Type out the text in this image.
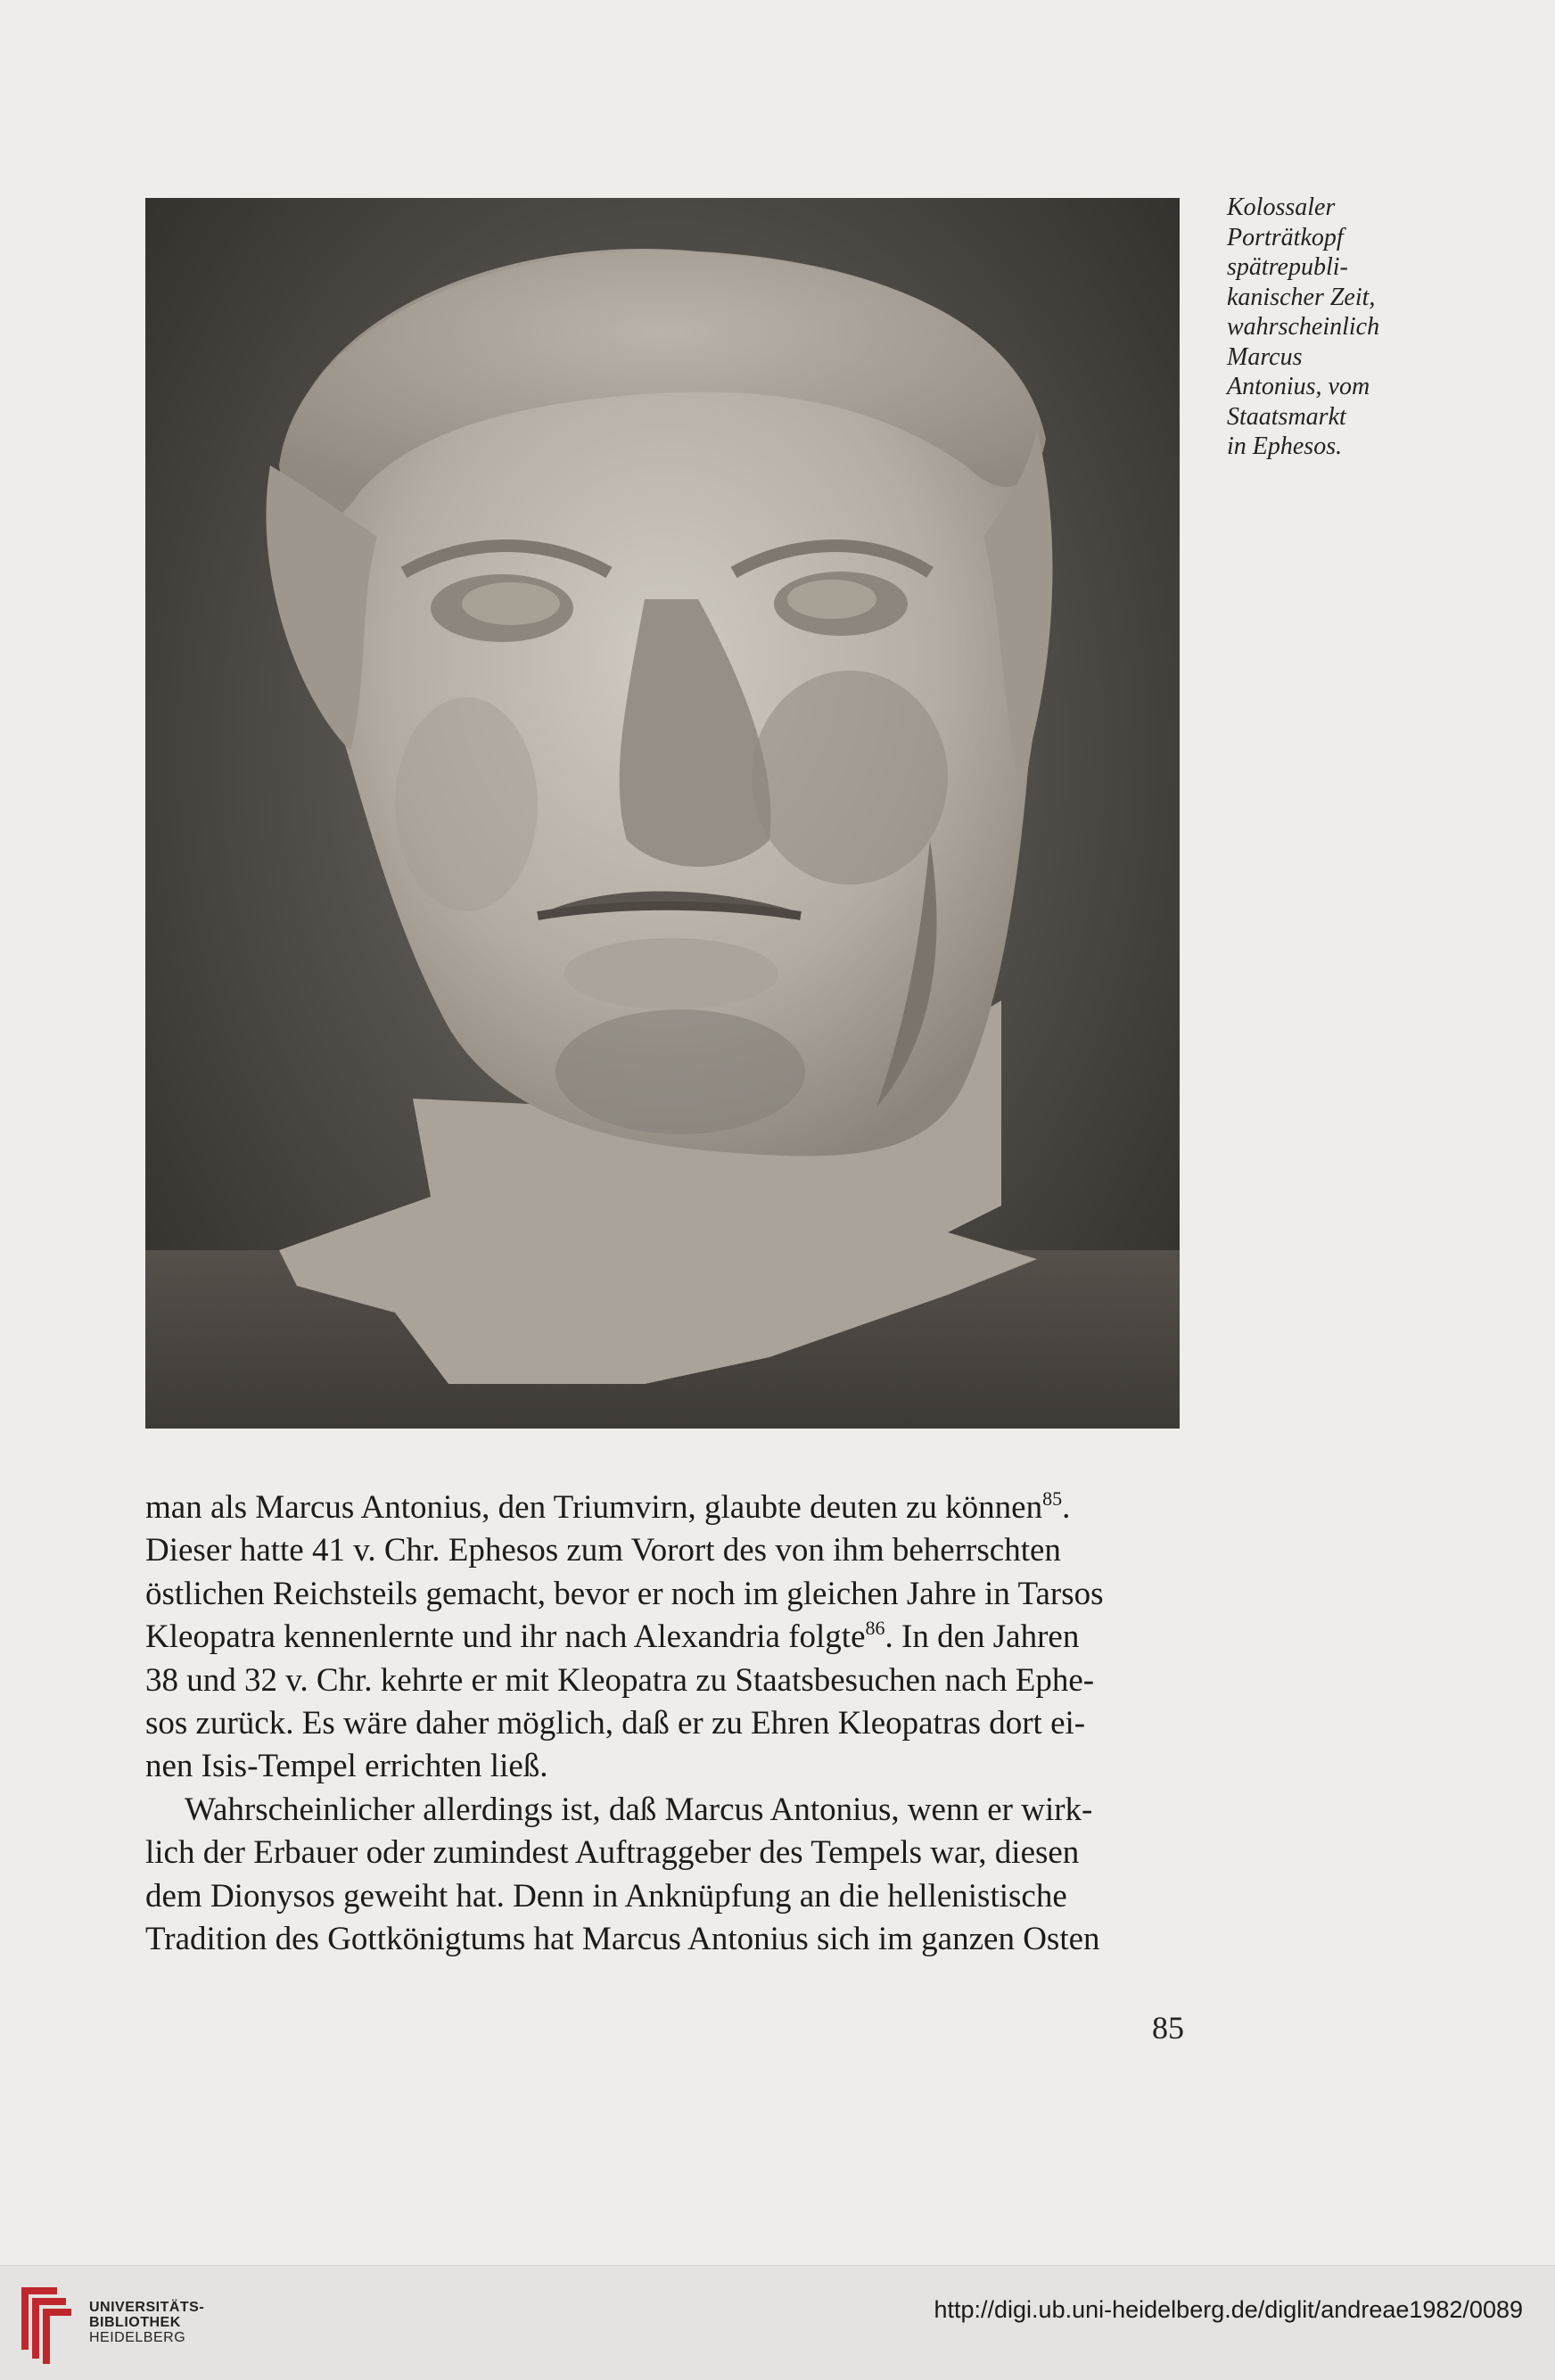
Kolossaler
Porträtkopf
spätrepubli-
kanischer Zeit,
wahrscheinlich
Marcus
Antonius, vom
Staatsmarkt
in Ephesos.
man als Marcus Antonius, den Triumvirn, glaubte deuten zu können$^{85}$.
Dieser hatte 41 v. Chr. Ephesos zum Vorort des von ihm beherrschten
östlichen Reichsteils gemacht, bevor er noch im gleichen Jahre in Tarsos
Kleopatra kennenlernte und ihr nach Alexandria folgte$^{86}$. In den Jahren
38 und 32 v. Chr. kehrte er mit Kleopatra zu Staatsbesuchen nach Ephe-
sos zurück. Es wäre daher möglich, daß er zu Ehren Kleopatras dort ei-
nen Isis-Tempel errichten ließ.
Wahrscheinlicher allerdings ist, daß Marcus Antonius, wenn er wirk-
lich der Erbauer oder zumindest Auftraggeber des Tempels war, diesen
dem Dionysos geweiht hat. Denn in Anknüpfung an die hellenistische
Tradition des Gottkönigtums hat Marcus Antonius sich im ganzen Osten
85
UNIVERSITÄTS-
BIBLIOTHEK
HEIDELBERG
http://digi.ub.uni-heidelberg.de/diglit/andreae1982/0089
